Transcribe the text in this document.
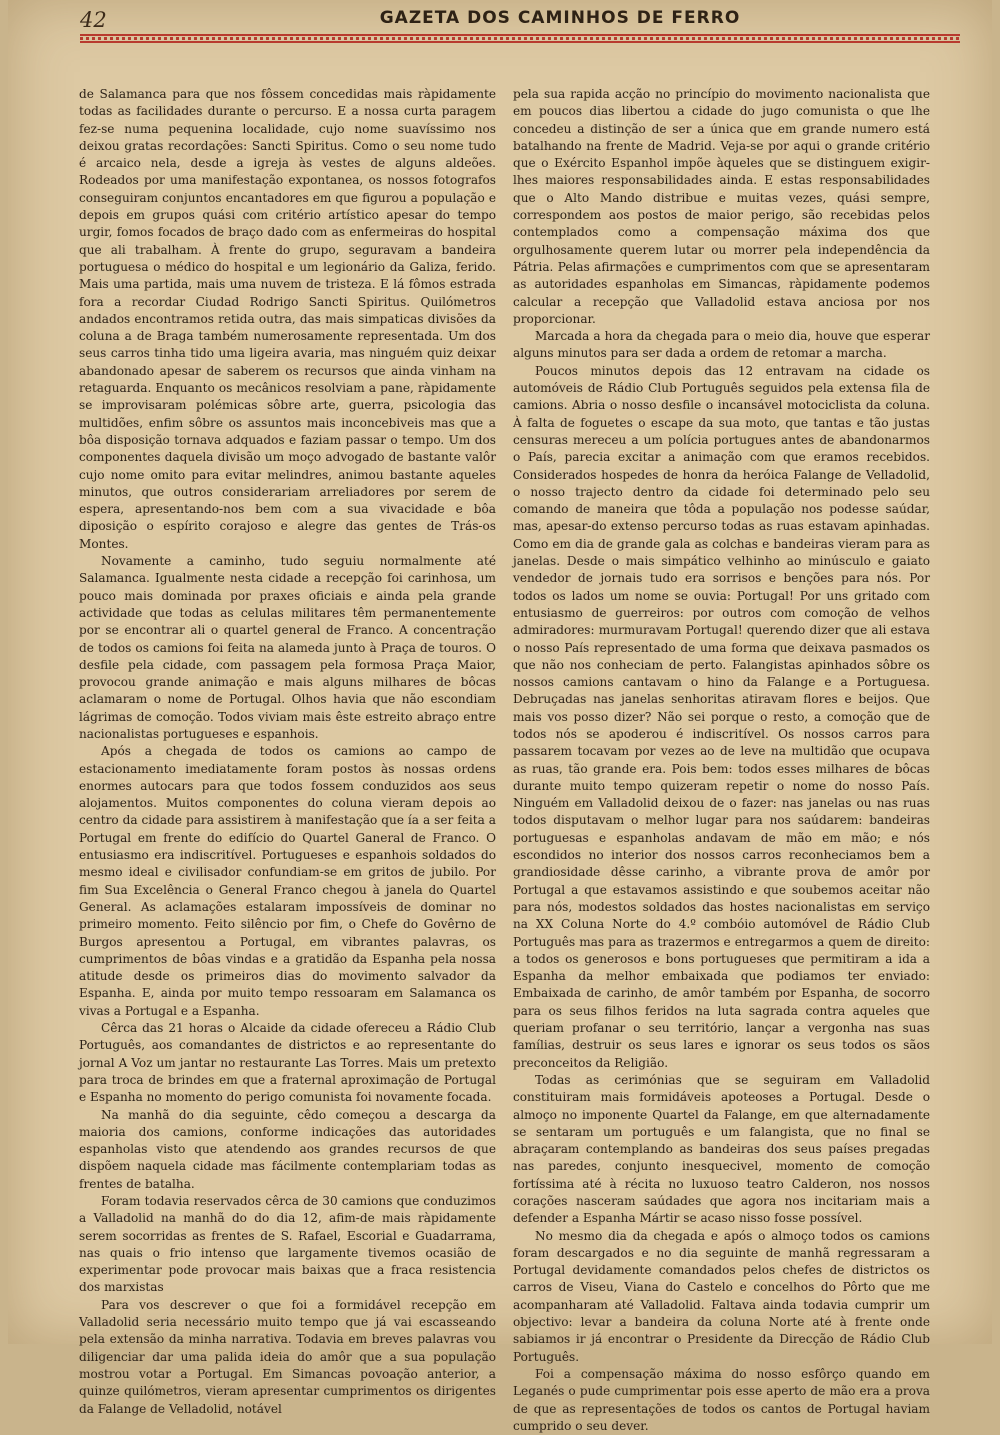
42	GAZETA DOS CAMINHOS DE FERRO

de Salamanca para que nos fôssem concedidas mais ràpidamente todas as facilidades durante o percurso. E a nossa curta paragem fez-se numa pequenina localidade, cujo nome suavíssimo nos deixou gratas recordações: Sancti Spiritus. Como o seu nome tudo é arcaico nela, desde a igreja às vestes de alguns aldeões. Rodeados por uma manifestação expontanea, os nossos fotografos conseguiram conjuntos encantadores em que figurou a população e depois em grupos quási com critério artístico apesar do tempo urgir, fomos focados de braço dado com as enfermeiras do hospital que ali trabalham. À frente do grupo, seguravam a bandeira portuguesa o médico do hospital e um legionário da Galiza, ferido. Mais uma partida, mais uma nuvem de tristeza. E lá fômos estrada fora a recordar Ciudad Rodrigo Sancti Spiritus. Quilómetros andados encontramos retida outra, das mais simpaticas divisões da coluna a de Braga também numerosamente representada. Um dos seus carros tinha tido uma ligeira avaria, mas ninguém quiz deixar abandonado apesar de saberem os recursos que ainda vinham na retaguarda. Enquanto os mecânicos resolviam a pane, ràpidamente se improvisaram polémicas sôbre arte, guerra, psicologia das multidões, enfim sôbre os assuntos mais inconcebiveis mas que a bôa disposição tornava adquados e faziam passar o tempo. Um dos componentes daquela divisão um moço advogado de bastante valôr cujo nome omito para evitar melindres, animou bastante aqueles minutos, que outros considerariam arreliadores por serem de espera, apresentando-nos bem com a sua vivacidade e bôa diposição o espírito corajoso e alegre das gentes de Trás-os Montes.

Novamente a caminho, tudo seguiu normalmente até Salamanca. Igualmente nesta cidade a recepção foi carinhosa, um pouco mais dominada por praxes oficiais e ainda pela grande actividade que todas as celulas militares têm permanentemente por se encontrar ali o quartel general de Franco. A concentração de todos os camions foi feita na alameda junto à Praça de touros. O desfile pela cidade, com passagem pela formosa Praça Maior, provocou grande animação e mais alguns milhares de bôcas aclamaram o nome de Portugal. Olhos havia que não escondiam lágrimas de comoção. Todos viviam mais êste estreito abraço entre nacionalistas portugueses e espanhois.

Após a chegada de todos os camions ao campo de estacionamento imediatamente foram postos às nossas ordens enormes autocars para que todos fossem conduzidos aos seus alojamentos. Muitos componentes do coluna vieram depois ao centro da cidade para assistirem à manifestação que ía a ser feita a Portugal em frente do edifício do Quartel Ganeral de Franco. O entusiasmo era indiscritível. Portugueses e espanhois soldados do mesmo ideal e civilisador confundiam-se em gritos de jubilo. Por fim Sua Excelência o General Franco chegou à janela do Quartel General. As aclamações estalaram impossíveis de dominar no primeiro momento. Feito silêncio por fim, o Chefe do Govêrno de Burgos apresentou a Portugal, em vibrantes palavras, os cumprimentos de bôas vindas e a gratidão da Espanha pela nossa atitude desde os primeiros dias do movimento salvador da Espanha. E, ainda por muito tempo ressoaram em Salamanca os vivas a Portugal e a Espanha.

Cêrca das 21 horas o Alcaide da cidade ofereceu a Rádio Club Português, aos comandantes de districtos e ao representante do jornal A Voz um jantar no restaurante Las Torres. Mais um pretexto para troca de brindes em que a fraternal aproximação de Portugal e Espanha no momento do perigo comunista foi novamente focada.

Na manhã do dia seguinte, cêdo começou a descarga da maioria dos camions, conforme indicações das autoridades espanholas visto que atendendo aos grandes recursos de que dispõem naquela cidade mas fácilmente contemplariam todas as frentes de batalha.

Foram todavia reservados cêrca de 30 camions que conduzimos a Valladolid na manhã do do dia 12, afim-de mais ràpidamente serem socorridas as frentes de S. Rafael, Escorial e Guadarrama, nas quais o frio intenso que largamente tivemos ocasião de experimentar pode provocar mais baixas que a fraca resistencia dos marxistas

Para vos descrever o que foi a formidável recepção em Valladolid seria necessário muito tempo que já vai escasseando pela extensão da minha narrativa. Todavia em breves palavras vou diligenciar dar uma palida ideia do amôr que a sua população mostrou votar a Portugal. Em Simancas povoação anterior, a quinze quilómetros, vieram apresentar cumprimentos os dirigentes da Falange de Velladolid, notável

pela sua rapida acção no princípio do movimento nacionalista que em poucos dias libertou a cidade do jugo comunista o que lhe concedeu a distinção de ser a única que em grande numero está batalhando na frente de Madrid. Veja-se por aqui o grande critério que o Exército Espanhol impõe àqueles que se distinguem exigir-lhes maiores responsabilidades ainda. E estas responsabilidades que o Alto Mando distribue e muitas vezes, quási sempre, correspondem aos postos de maior perigo, são recebidas pelos contemplados como a compensação máxima dos que orgulhosamente querem lutar ou morrer pela independência da Pátria. Pelas afirmações e cumprimentos com que se apresentaram as autoridades espanholas em Simancas, ràpidamente podemos calcular a recepção que Valladolid estava anciosa por nos proporcionar.

Marcada a hora da chegada para o meio dia, houve que esperar alguns minutos para ser dada a ordem de retomar a marcha.

Poucos minutos depois das 12 entravam na cidade os automóveis de Rádio Club Português seguidos pela extensa fila de camions. Abria o nosso desfile o incansável motociclista da coluna. À falta de foguetes o escape da sua moto, que tantas e tão justas censuras mereceu a um polícia portugues antes de abandonarmos o País, parecia excitar a animação com que eramos recebidos. Considerados hospedes de honra da heróica Falange de Velladolid, o nosso trajecto dentro da cidade foi determinado pelo seu comando de maneira que tôda a população nos podesse saúdar, mas, apesar-do extenso percurso todas as ruas estavam apinhadas. Como em dia de grande gala as colchas e bandeiras vieram para as janelas. Desde o mais simpático velhinho ao minúsculo e gaiato vendedor de jornais tudo era sorrisos e benções para nós. Por todos os lados um nome se ouvia: Portugal! Por uns gritado com entusiasmo de guerreiros: por outros com comoção de velhos admiradores: murmuravam Portugal! querendo dizer que ali estava o nosso País representado de uma forma que deixava pasmados os que não nos conheciam de perto. Falangistas apinhados sôbre os nossos camions cantavam o hino da Falange e a Portuguesa. Debruçadas nas janelas senhoritas atiravam flores e beijos. Que mais vos posso dizer? Não sei porque o resto, a comoção que de todos nós se apoderou é indiscritível. Os nossos carros para passarem tocavam por vezes ao de leve na multidão que ocupava as ruas, tão grande era. Pois bem: todos esses milhares de bôcas durante muito tempo quizeram repetir o nome do nosso País. Ninguém em Valladolid deixou de o fazer: nas janelas ou nas ruas todos disputavam o melhor lugar para nos saúdarem: bandeiras portuguesas e espanholas andavam de mão em mão; e nós escondidos no interior dos nossos carros reconheciamos bem a grandiosidade dêsse carinho, a vibrante prova de amôr por Portugal a que estavamos assistindo e que soubemos aceitar não para nós, modestos soldados das hostes nacionalistas em serviço na XX Coluna Norte do 4.º combóio automóvel de Rádio Club Português mas para as trazermos e entregarmos a quem de direito: a todos os generosos e bons portugueses que permitiram a ida a Espanha da melhor embaixada que podiamos ter enviado: Embaixada de carinho, de amôr também por Espanha, de socorro para os seus filhos feridos na luta sagrada contra aqueles que queriam profanar o seu território, lançar a vergonha nas suas famílias, destruir os seus lares e ignorar os seus todos os sãos preconceitos da Religião.

Todas as cerimónias que se seguiram em Valladolid constituiram mais formidáveis apoteoses a Portugal. Desde o almoço no imponente Quartel da Falange, em que alternadamente se sentaram um português e um falangista, que no final se abraçaram contemplando as bandeiras dos seus países pregadas nas paredes, conjunto inesquecivel, momento de comoção fortíssima até à récita no luxuoso teatro Calderon, nos nossos corações nasceram saúdades que agora nos incitariam mais a defender a Espanha Mártir se acaso nisso fosse possível.

No mesmo dia da chegada e após o almoço todos os camions foram descargados e no dia seguinte de manhã regressaram a Portugal devidamente comandados pelos chefes de districtos os carros de Viseu, Viana do Castelo e concelhos do Pôrto que me acompanharam até Valladolid. Faltava ainda todavia cumprir um objectivo: levar a bandeira da coluna Norte até à frente onde sabiamos ir já encontrar o Presidente da Direcção de Rádio Club Português.

Foi a compensação máxima do nosso esfôrço quando em Leganés o pude cumprimentar pois esse aperto de mão era a prova de que as representações de todos os cantos de Portugal haviam cumprido o seu dever.
